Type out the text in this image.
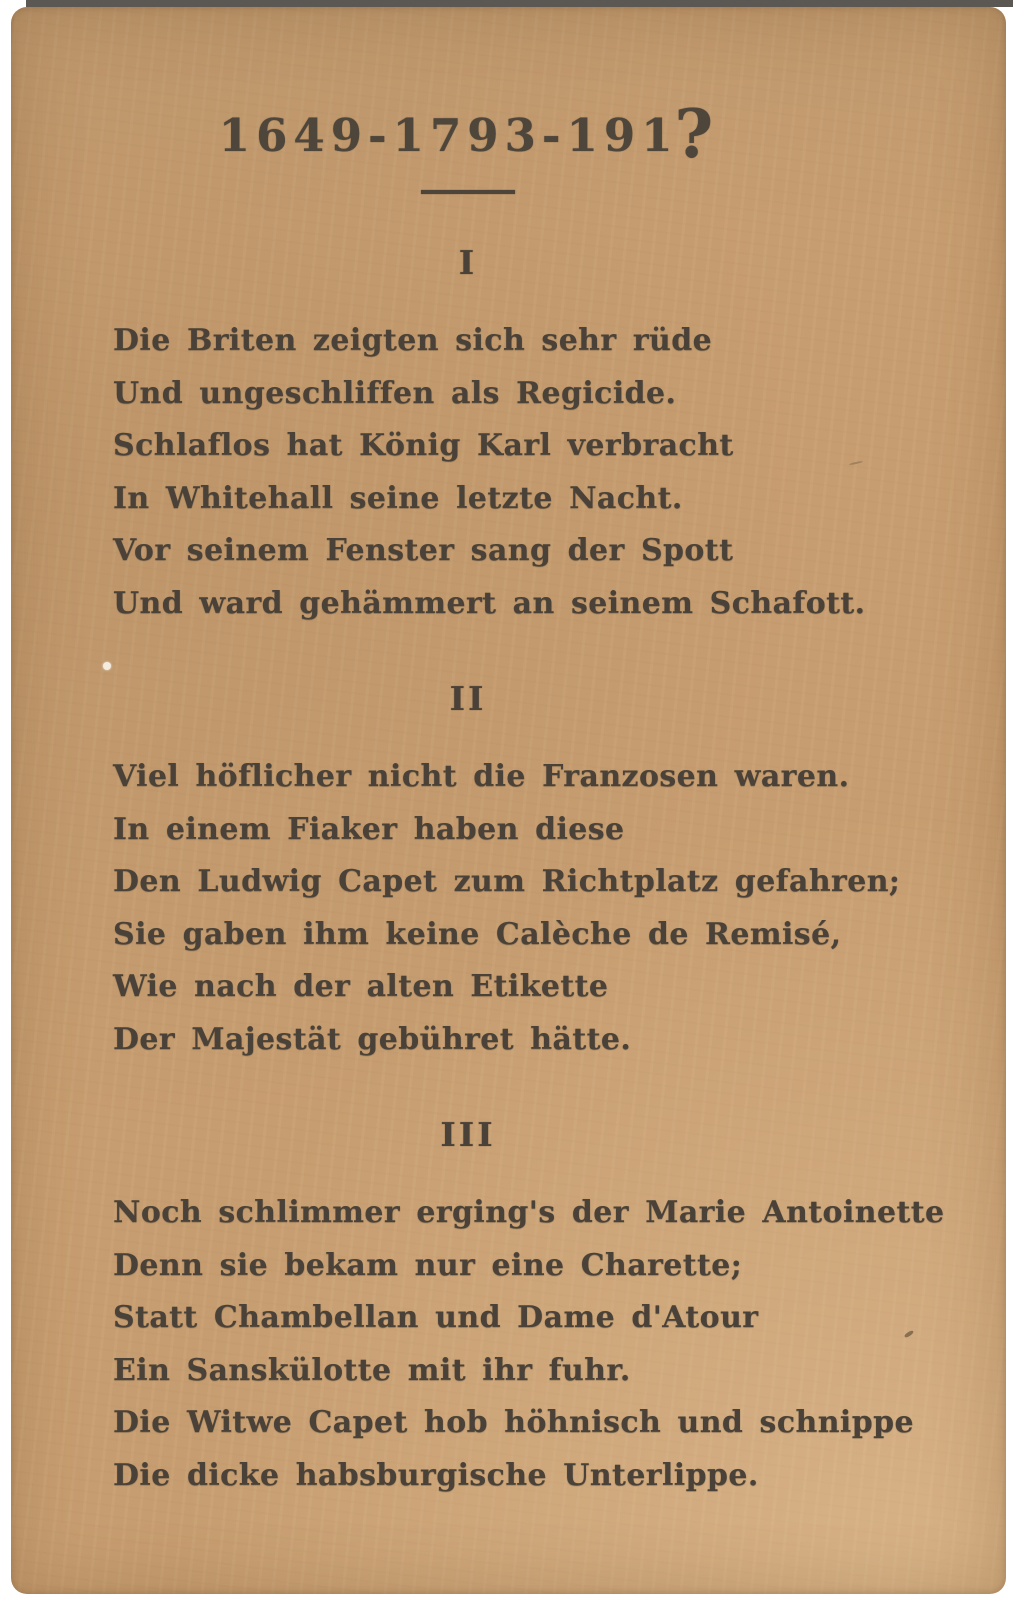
1649-1793-191?
I

Die Briten zeigten sich sehr rüde

Und ungeschliffen als Regicide.

Schlaflos hat König Karl verbracht

In Whitehall seine letzte Nacht.

Vor seinem Fenster sang der Spott

Und ward gehämmert an seinem Schafott.

II

Viel höflicher nicht die Franzosen waren.

In einem Fiaker haben diese

Den Ludwig Capet zum Richtplatz gefahren;

Sie gaben ihm keine Calèche de Remisé,

Wie nach der alten Etikette

Der Majestät gebühret hätte.

III

Noch schlimmer erging's der Marie Antoinette

Denn sie bekam nur eine Charette;

Statt Chambellan und Dame d'Atour

Ein Sanskülotte mit ihr fuhr.

Die Witwe Capet hob höhnisch und schnippe

Die dicke habsburgische Unterlippe.
